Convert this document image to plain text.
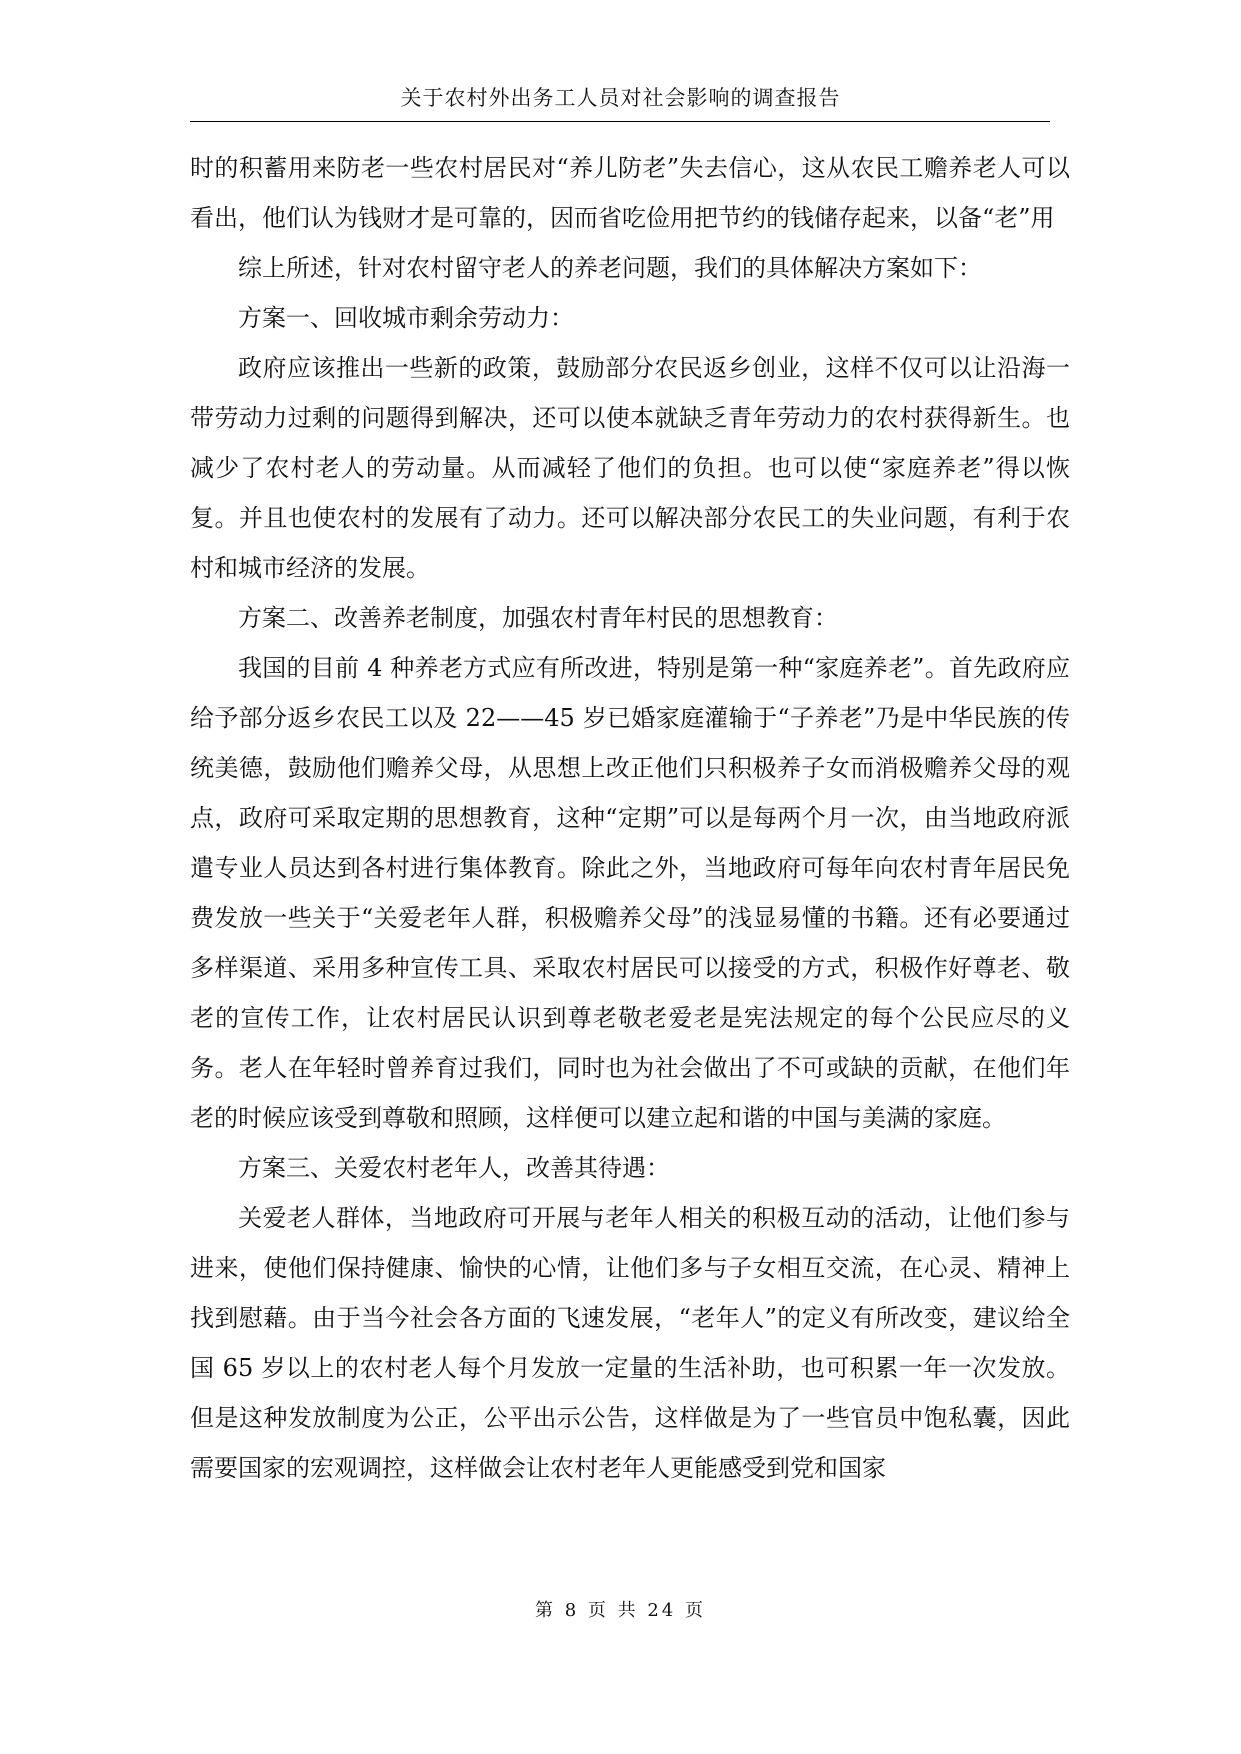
关于农村外出务工人员对社会影响的调查报告

时的积蓄用来防老一些农村居民对“养儿防老”失去信心，这从农民工赡养老人可以看出，他们认为钱财才是可靠的，因而省吃俭用把节约的钱储存起来，以备“老”用

综上所述，针对农村留守老人的养老问题，我们的具体解决方案如下：

方案一、回收城市剩余劳动力：

政府应该推出一些新的政策，鼓励部分农民返乡创业，这样不仅可以让沿海一带劳动力过剩的问题得到解决，还可以使本就缺乏青年劳动力的农村获得新生。也减少了农村老人的劳动量。从而减轻了他们的负担。也可以使“家庭养老”得以恢复。并且也使农村的发展有了动力。还可以解决部分农民工的失业问题，有利于农村和城市经济的发展。

方案二、改善养老制度，加强农村青年村民的思想教育：

我国的目前 4 种养老方式应有所改进，特别是第一种“家庭养老”。首先政府应给予部分返乡农民工以及 22——45 岁已婚家庭灌输于“子养老”乃是中华民族的传统美德，鼓励他们赡养父母，从思想上改正他们只积极养子女而消极赡养父母的观点，政府可采取定期的思想教育，这种“定期”可以是每两个月一次，由当地政府派遣专业人员达到各村进行集体教育。除此之外，当地政府可每年向农村青年居民免费发放一些关于“关爱老年人群，积极赡养父母”的浅显易懂的书籍。还有必要通过多样渠道、采用多种宣传工具、采取农村居民可以接受的方式，积极作好尊老、敬老的宣传工作，让农村居民认识到尊老敬老爱老是宪法规定的每个公民应尽的义务。老人在年轻时曾养育过我们，同时也为社会做出了不可或缺的贡献，在他们年老的时候应该受到尊敬和照顾，这样便可以建立起和谐的中国与美满的家庭。

方案三、关爱农村老年人，改善其待遇：

关爱老人群体，当地政府可开展与老年人相关的积极互动的活动，让他们参与进来，使他们保持健康、愉快的心情，让他们多与子女相互交流，在心灵、精神上找到慰藉。由于当今社会各方面的飞速发展，“老年人”的定义有所改变，建议给全国 65 岁以上的农村老人每个月发放一定量的生活补助，也可积累一年一次发放。但是这种发放制度为公正，公平出示公告，这样做是为了一些官员中饱私囊，因此需要国家的宏观调控，这样做会让农村老年人更能感受到党和国家

第 8 页 共 24 页
